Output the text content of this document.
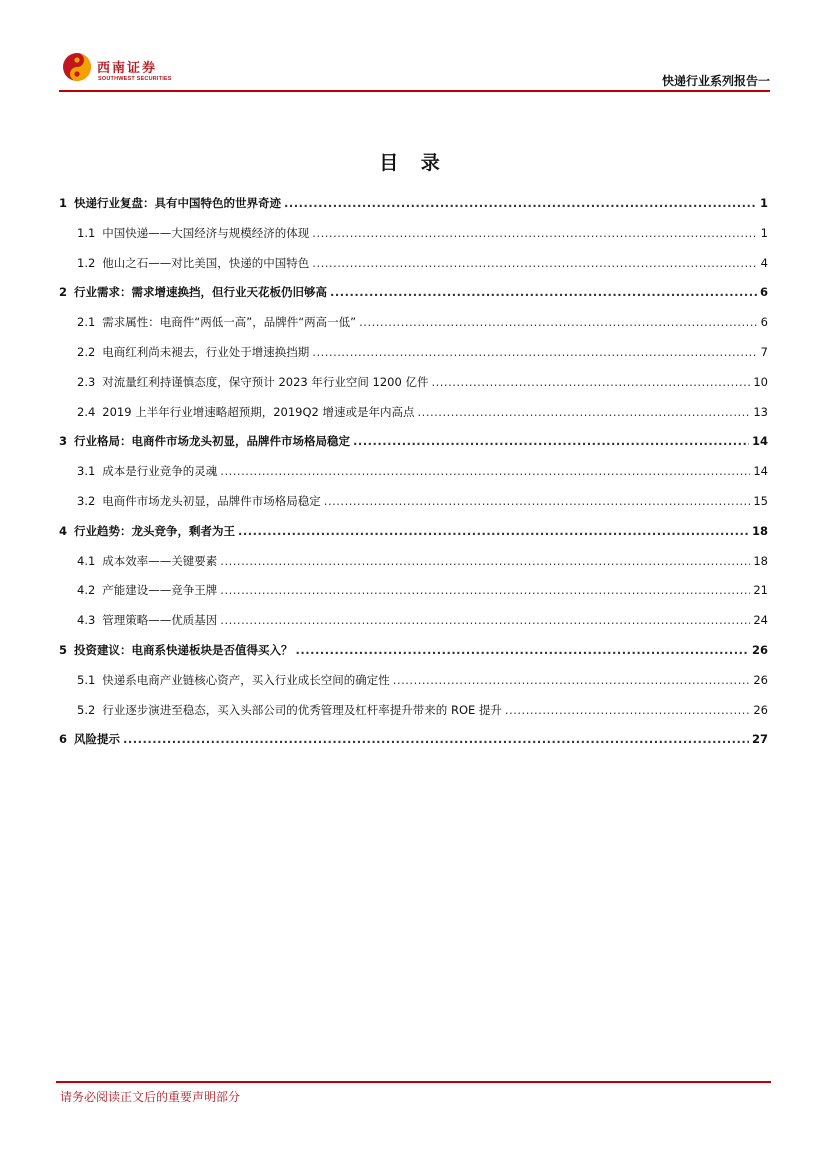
西南证券
SOUTHWEST SECURITIES	快递行业系列报告一
目 录
1 快递行业复盘：具有中国特色的世界奇迹 .....	1
1.1 中国快递——大国经济与规模经济的体现 .....	1
1.2 他山之石——对比美国，快递的中国特色 .....	4
2 行业需求：需求增速换挡，但行业天花板仍旧够高 .....	6
2.1 需求属性：电商件“两低一高”，品牌件“两高一低” .....	6
2.2 电商红利尚未褪去，行业处于增速换挡期 .....	7
2.3 对流量红利持谨慎态度，保守预计 2023 年行业空间 1200 亿件 .....	10
2.4 2019 上半年行业增速略超预期，2019Q2 增速或是年内高点 .....	13
3 行业格局：电商件市场龙头初显，品牌件市场格局稳定 .....	14
3.1 成本是行业竞争的灵魂 .....	14
3.2 电商件市场龙头初显，品牌件市场格局稳定 .....	15
4 行业趋势：龙头竞争，剩者为王 .....	18
4.1 成本效率——关键要素 .....	18
4.2 产能建设——竞争王牌 .....	21
4.3 管理策略——优质基因 .....	24
5 投资建议：电商系快递板块是否值得买入？ .....	26
5.1 快递系电商产业链核心资产，买入行业成长空间的确定性 .....	26
5.2 行业逐步演进至稳态，买入头部公司的优秀管理及杠杆率提升带来的 ROE 提升 .....	26
6 风险提示 .....	27
请务必阅读正文后的重要声明部分
